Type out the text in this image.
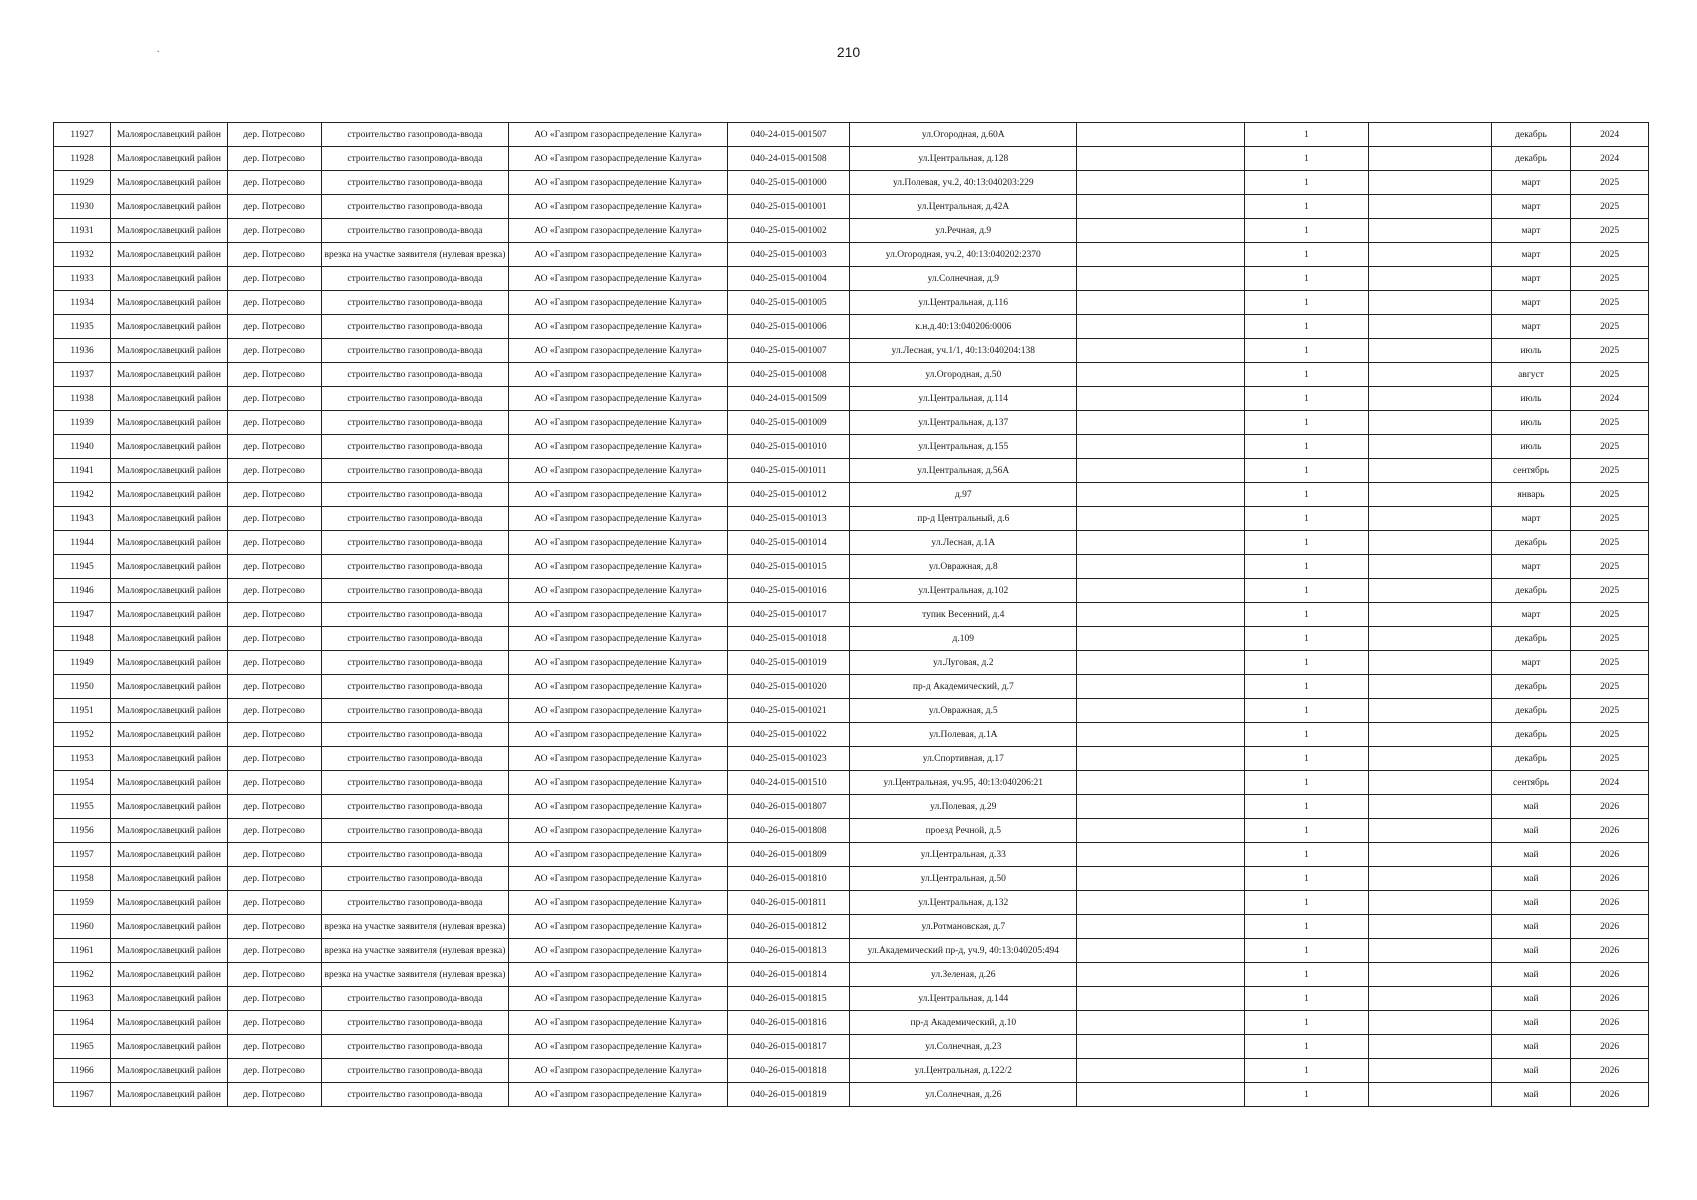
210
.
11927	Малоярославецкий район	дер. Потресово	строительство газопровода-ввода	АО «Газпром газораспределение Калуга»	040-24-015-001507	ул.Огородная, д.60А		1		декабрь	2024
11928	Малоярославецкий район	дер. Потресово	строительство газопровода-ввода	АО «Газпром газораспределение Калуга»	040-24-015-001508	ул.Центральная, д.128		1		декабрь	2024
11929	Малоярославецкий район	дер. Потресово	строительство газопровода-ввода	АО «Газпром газораспределение Калуга»	040-25-015-001000	ул.Полевая, уч.2, 40:13:040203:229		1		март	2025
11930	Малоярославецкий район	дер. Потресово	строительство газопровода-ввода	АО «Газпром газораспределение Калуга»	040-25-015-001001	ул.Центральная, д.42А		1		март	2025
11931	Малоярославецкий район	дер. Потресово	строительство газопровода-ввода	АО «Газпром газораспределение Калуга»	040-25-015-001002	ул.Речная, д.9		1		март	2025
11932	Малоярославецкий район	дер. Потресово	врезка на участке заявителя (нулевая врезка)	АО «Газпром газораспределение Калуга»	040-25-015-001003	ул.Огородная, уч.2, 40:13:040202:2370		1		март	2025
11933	Малоярославецкий район	дер. Потресово	строительство газопровода-ввода	АО «Газпром газораспределение Калуга»	040-25-015-001004	ул.Солнечная, д.9		1		март	2025
11934	Малоярославецкий район	дер. Потресово	строительство газопровода-ввода	АО «Газпром газораспределение Калуга»	040-25-015-001005	ул.Центральная, д.116		1		март	2025
11935	Малоярославецкий район	дер. Потресово	строительство газопровода-ввода	АО «Газпром газораспределение Калуга»	040-25-015-001006	к.н.д.40:13:040206:0006		1		март	2025
11936	Малоярославецкий район	дер. Потресово	строительство газопровода-ввода	АО «Газпром газораспределение Калуга»	040-25-015-001007	ул.Лесная, уч.1/1, 40:13:040204:138		1		июль	2025
11937	Малоярославецкий район	дер. Потресово	строительство газопровода-ввода	АО «Газпром газораспределение Калуга»	040-25-015-001008	ул.Огородная, д.50		1		август	2025
11938	Малоярославецкий район	дер. Потресово	строительство газопровода-ввода	АО «Газпром газораспределение Калуга»	040-24-015-001509	ул.Центральная, д.114		1		июль	2024
11939	Малоярославецкий район	дер. Потресово	строительство газопровода-ввода	АО «Газпром газораспределение Калуга»	040-25-015-001009	ул.Центральная, д.137		1		июль	2025
11940	Малоярославецкий район	дер. Потресово	строительство газопровода-ввода	АО «Газпром газораспределение Калуга»	040-25-015-001010	ул.Центральная, д.155		1		июль	2025
11941	Малоярославецкий район	дер. Потресово	строительство газопровода-ввода	АО «Газпром газораспределение Калуга»	040-25-015-001011	ул.Центральная, д.56А		1		сентябрь	2025
11942	Малоярославецкий район	дер. Потресово	строительство газопровода-ввода	АО «Газпром газораспределение Калуга»	040-25-015-001012	д.97		1		январь	2025
11943	Малоярославецкий район	дер. Потресово	строительство газопровода-ввода	АО «Газпром газораспределение Калуга»	040-25-015-001013	пр-д Центральный, д.6		1		март	2025
11944	Малоярославецкий район	дер. Потресово	строительство газопровода-ввода	АО «Газпром газораспределение Калуга»	040-25-015-001014	ул.Лесная, д.1А		1		декабрь	2025
11945	Малоярославецкий район	дер. Потресово	строительство газопровода-ввода	АО «Газпром газораспределение Калуга»	040-25-015-001015	ул.Овражная, д.8		1		март	2025
11946	Малоярославецкий район	дер. Потресово	строительство газопровода-ввода	АО «Газпром газораспределение Калуга»	040-25-015-001016	ул.Центральная, д.102		1		декабрь	2025
11947	Малоярославецкий район	дер. Потресово	строительство газопровода-ввода	АО «Газпром газораспределение Калуга»	040-25-015-001017	тупик Весенний, д.4		1		март	2025
11948	Малоярославецкий район	дер. Потресово	строительство газопровода-ввода	АО «Газпром газораспределение Калуга»	040-25-015-001018	д.109		1		декабрь	2025
11949	Малоярославецкий район	дер. Потресово	строительство газопровода-ввода	АО «Газпром газораспределение Калуга»	040-25-015-001019	ул.Луговая, д.2		1		март	2025
11950	Малоярославецкий район	дер. Потресово	строительство газопровода-ввода	АО «Газпром газораспределение Калуга»	040-25-015-001020	пр-д Академический, д.7		1		декабрь	2025
11951	Малоярославецкий район	дер. Потресово	строительство газопровода-ввода	АО «Газпром газораспределение Калуга»	040-25-015-001021	ул.Овражная, д.5		1		декабрь	2025
11952	Малоярославецкий район	дер. Потресово	строительство газопровода-ввода	АО «Газпром газораспределение Калуга»	040-25-015-001022	ул.Полевая, д.1А		1		декабрь	2025
11953	Малоярославецкий район	дер. Потресово	строительство газопровода-ввода	АО «Газпром газораспределение Калуга»	040-25-015-001023	ул.Спортивная, д.17		1		декабрь	2025
11954	Малоярославецкий район	дер. Потресово	строительство газопровода-ввода	АО «Газпром газораспределение Калуга»	040-24-015-001510	ул.Центральная, уч.95, 40:13:040206:21		1		сентябрь	2024
11955	Малоярославецкий район	дер. Потресово	строительство газопровода-ввода	АО «Газпром газораспределение Калуга»	040-26-015-001807	ул.Полевая, д.29		1		май	2026
11956	Малоярославецкий район	дер. Потресово	строительство газопровода-ввода	АО «Газпром газораспределение Калуга»	040-26-015-001808	проезд Речной, д.5		1		май	2026
11957	Малоярославецкий район	дер. Потресово	строительство газопровода-ввода	АО «Газпром газораспределение Калуга»	040-26-015-001809	ул.Центральная, д.33		1		май	2026
11958	Малоярославецкий район	дер. Потресово	строительство газопровода-ввода	АО «Газпром газораспределение Калуга»	040-26-015-001810	ул.Центральная, д.50		1		май	2026
11959	Малоярославецкий район	дер. Потресово	строительство газопровода-ввода	АО «Газпром газораспределение Калуга»	040-26-015-001811	ул.Центральная, д.132		1		май	2026
11960	Малоярославецкий район	дер. Потресово	врезка на участке заявителя (нулевая врезка)	АО «Газпром газораспределение Калуга»	040-26-015-001812	ул.Ротмановская, д.7		1		май	2026
11961	Малоярославецкий район	дер. Потресово	врезка на участке заявителя (нулевая врезка)	АО «Газпром газораспределение Калуга»	040-26-015-001813	ул.Академический пр-д, уч.9, 40:13:040205:494		1		май	2026
11962	Малоярославецкий район	дер. Потресово	врезка на участке заявителя (нулевая врезка)	АО «Газпром газораспределение Калуга»	040-26-015-001814	ул.Зеленая, д.26		1		май	2026
11963	Малоярославецкий район	дер. Потресово	строительство газопровода-ввода	АО «Газпром газораспределение Калуга»	040-26-015-001815	ул.Центральная, д.144		1		май	2026
11964	Малоярославецкий район	дер. Потресово	строительство газопровода-ввода	АО «Газпром газораспределение Калуга»	040-26-015-001816	пр-д Академический, д.10		1		май	2026
11965	Малоярославецкий район	дер. Потресово	строительство газопровода-ввода	АО «Газпром газораспределение Калуга»	040-26-015-001817	ул.Солнечная, д.23		1		май	2026
11966	Малоярославецкий район	дер. Потресово	строительство газопровода-ввода	АО «Газпром газораспределение Калуга»	040-26-015-001818	ул.Центральная, д.122/2		1		май	2026
11967	Малоярославецкий район	дер. Потресово	строительство газопровода-ввода	АО «Газпром газораспределение Калуга»	040-26-015-001819	ул.Солнечная, д.26		1		май	2026
